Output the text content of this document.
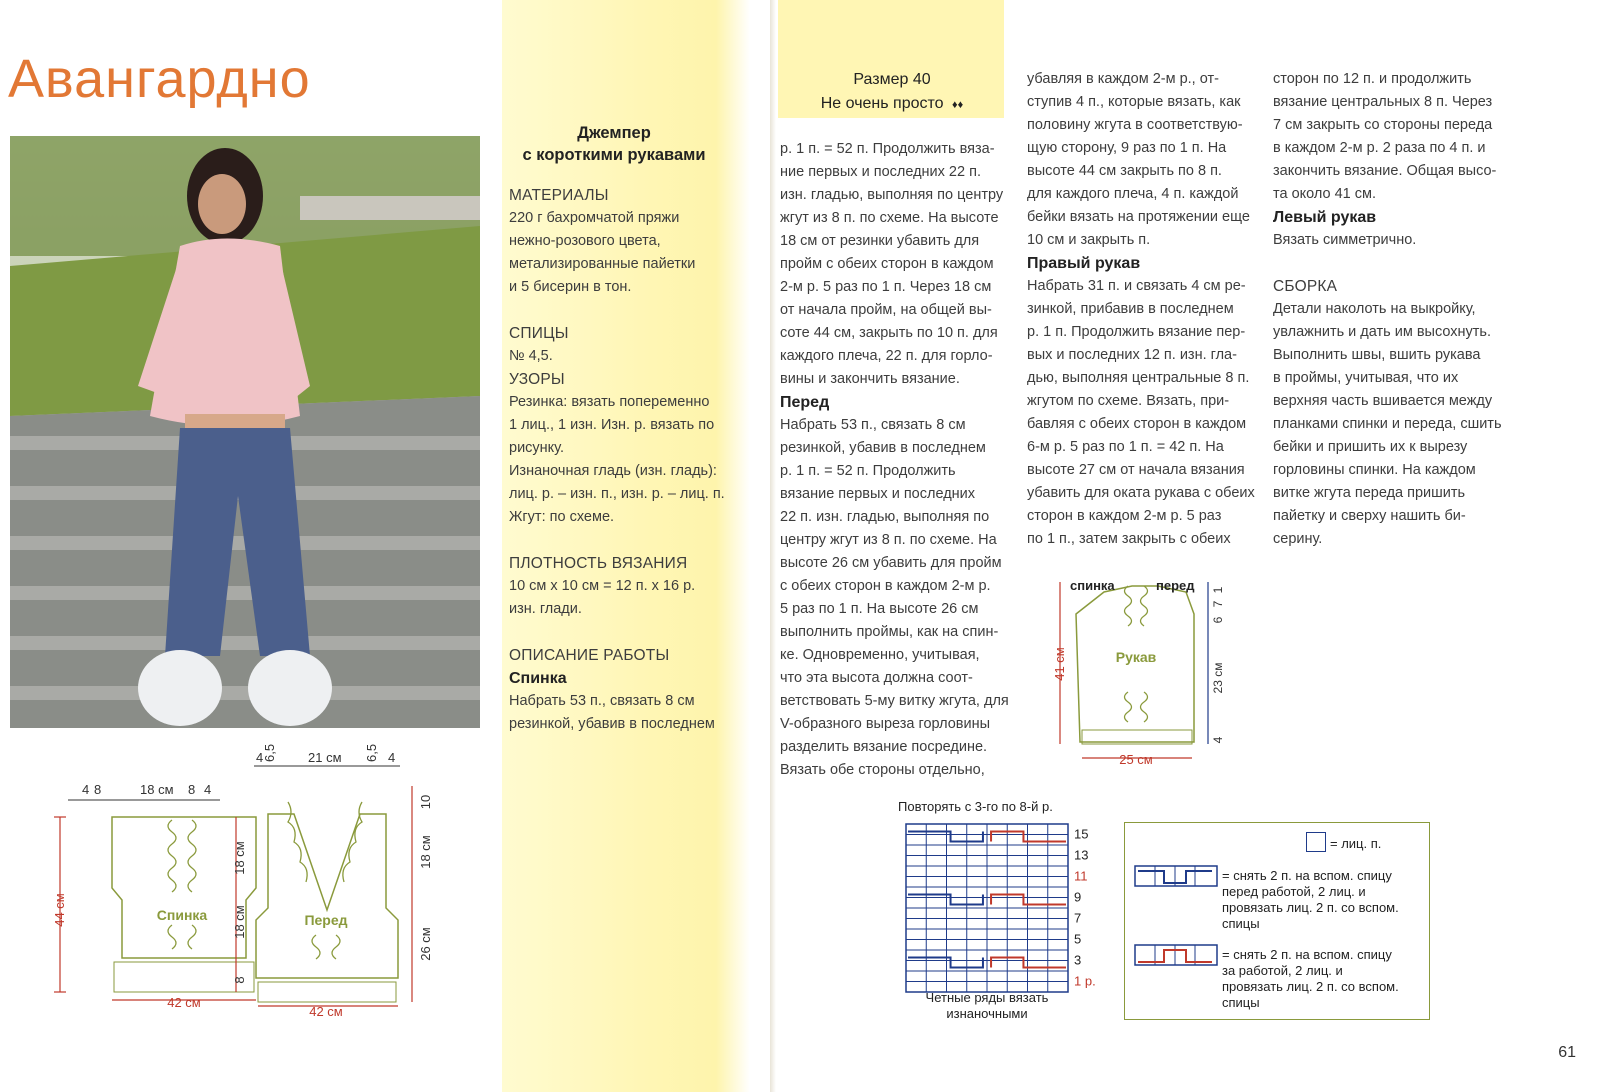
Авангардно
Джемпер
с короткими рукавами

МАТЕРИАЛЫ

220 г бахромчатой пряжи

нежно-розового цвета,

метализированные пайетки

и 5 бисерин в тон.

СПИЦЫ

№ 4,5.

УЗОРЫ

Резинка: вязать попеременно

1 лиц., 1 изн. Изн. р. вязать по

рисунку.

Изнаночная гладь (изн. гладь):

лиц. р. – изн. п., изн. р. – лиц. п.

Жгут: по схеме.

ПЛОТНОСТЬ ВЯЗАНИЯ

10 см х 10 см = 12 п. х 16 р.

изн. глади.

ОПИСАНИЕ РАБОТЫ

Спинка

Набрать 53 п., связать 8 см

резинкой, убавив в последнем

Размер 40
Не очень просто ♦♦

р. 1 п. = 52 п. Продолжить вяза-

ние первых и последних 22 п.

изн. гладью, выполняя по центру

жгут из 8 п. по схеме. На высоте

18 см от резинки убавить для

пройм с обеих сторон в каждом

2-м р. 5 раз по 1 п. Через 18 см

от начала пройм, на общей вы-

соте 44 см, закрыть по 10 п. для

каждого плеча, 22 п. для горло-

вины и закончить вязание.

Перед

Набрать 53 п., связать 8 см

резинкой, убавив в последнем

р. 1 п. = 52 п. Продолжить

вязание первых и последних

22 п. изн. гладью, выполняя по

центру жгут из 8 п. по схеме. На

высоте 26 см убавить для пройм

с обеих сторон в каждом 2-м р.

5 раз по 1 п. На высоте 26 см

выполнить проймы, как на спин-

ке. Одновременно, учитывая,

что эта высота должна соот-

ветствовать 5-му витку жгута, для

V-образного выреза горловины

разделить вязание посредине.

Вязать обе стороны отдельно,

убавляя в каждом 2-м р., от-

ступив 4 п., которые вязать, как

половину жгута в соответствую-

щую сторону, 9 раз по 1 п. На

высоте 44 см закрыть по 8 п.

для каждого плеча, 4 п. каждой

бейки вязать на протяжении еще

10 см и закрыть п.

Правый рукав

Набрать 31 п. и связать 4 см ре-

зинкой, прибавив в последнем

р. 1 п. Продолжить вязание пер-

вых и последних 12 п. изн. гла-

дью, выполняя центральные 8 п.

жгутом по схеме. Вязать, при-

бавляя с обеих сторон в каждом

6-м р. 5 раз по 1 п. = 42 п. На

высоте 27 см от начала вязания

убавить для оката рукава с обеих

сторон в каждом 2-м р. 5 раз

по 1 п., затем закрыть с обеих

сторон по 12 п. и продолжить

вязание центральных 8 п. Через

7 см закрыть со стороны переда

в каждом 2-м р. 2 раза по 4 п. и

закончить вязание. Общая высо-

та около 41 см.

Левый рукав

Вязать симметрично.

СБОРКА

Детали наколоть на выкройку,

увлажнить и дать им высохнуть.

Выполнить швы, вшить рукава

в проймы, учитывая, что их

верхняя часть вшивается между

планками спинки и переда, сшить

бейки и пришить их к вырезу

горловины спинки. На каждом

витке жгута переда пришить

пайетку и сверху нашить би-

серину.

Спинка
44 см
42 см
4 8	18 см 8 4
18 см
18 см
8
Перед
42 см
4
6,5 21 см 6,5 4
10
18 см
26 см
Рукав
спинка	перед
41 см
25 см
1
7
6
23 см
4
Повторять с 3-го по 8-й р.
15
13
11
9
7
5
3
1 р.
Четные ряды вязать
изнаночными
= лиц. п.
= снять 2 п. на вспом. спицу
перед работой, 2 лиц. и
провязать лиц. 2 п. со вспом.
спицы
= снять 2 п. на вспом. спицу
за работой, 2 лиц. и
провязать лиц. 2 п. со вспом.
спицы
61
